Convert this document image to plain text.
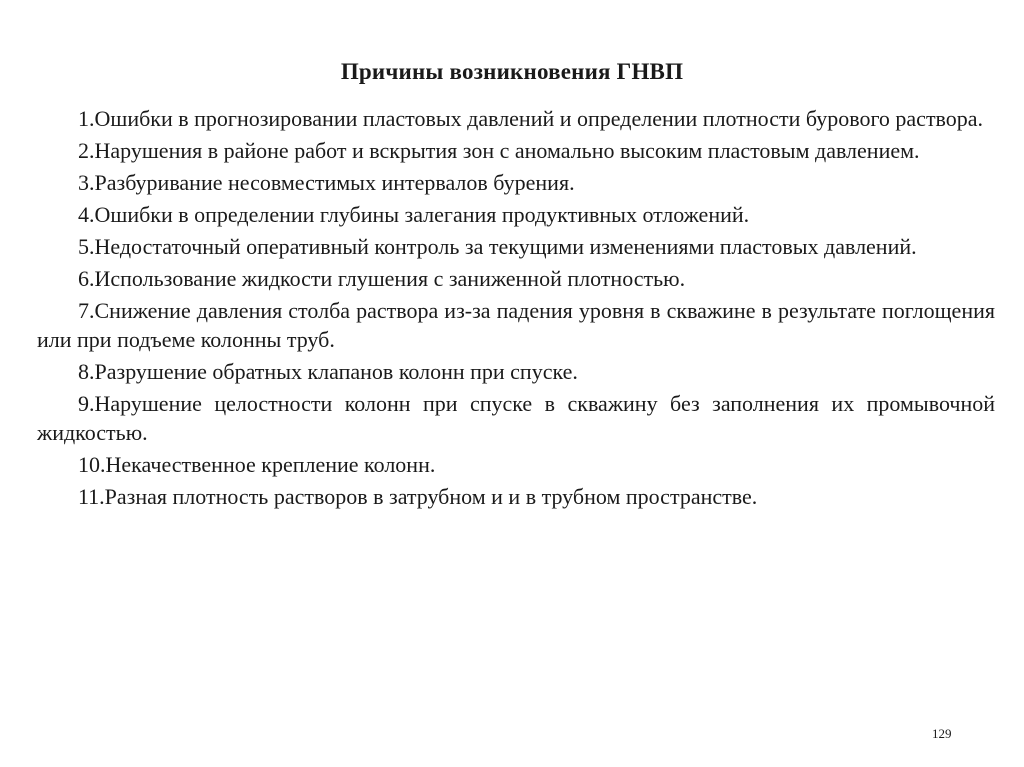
Причины возникновения ГНВП
1.Ошибки в прогнозировании пластовых давлений и определении плотности бурового раствора.
2.Нарушения в районе работ и вскрытия зон с аномально высоким пластовым давлением.
3.Разбуривание несовместимых интервалов бурения.
4.Ошибки в определении глубины залегания продуктивных отложений.
5.Недостаточный оперативный контроль за текущими изменениями пластовых давлений.
6.Использование жидкости глушения с заниженной плотностью.
7.Снижение давления столба раствора из-за падения уровня в скважине в результате поглощения или при подъеме колонны труб.
8.Разрушение обратных клапанов колонн при спуске.
9.Нарушение целостности колонн при спуске в скважину без заполнения их промывочной жидкостью.
10.Некачественное крепление колонн.
11.Разная плотность растворов в затрубном и и в трубном пространстве.
129
